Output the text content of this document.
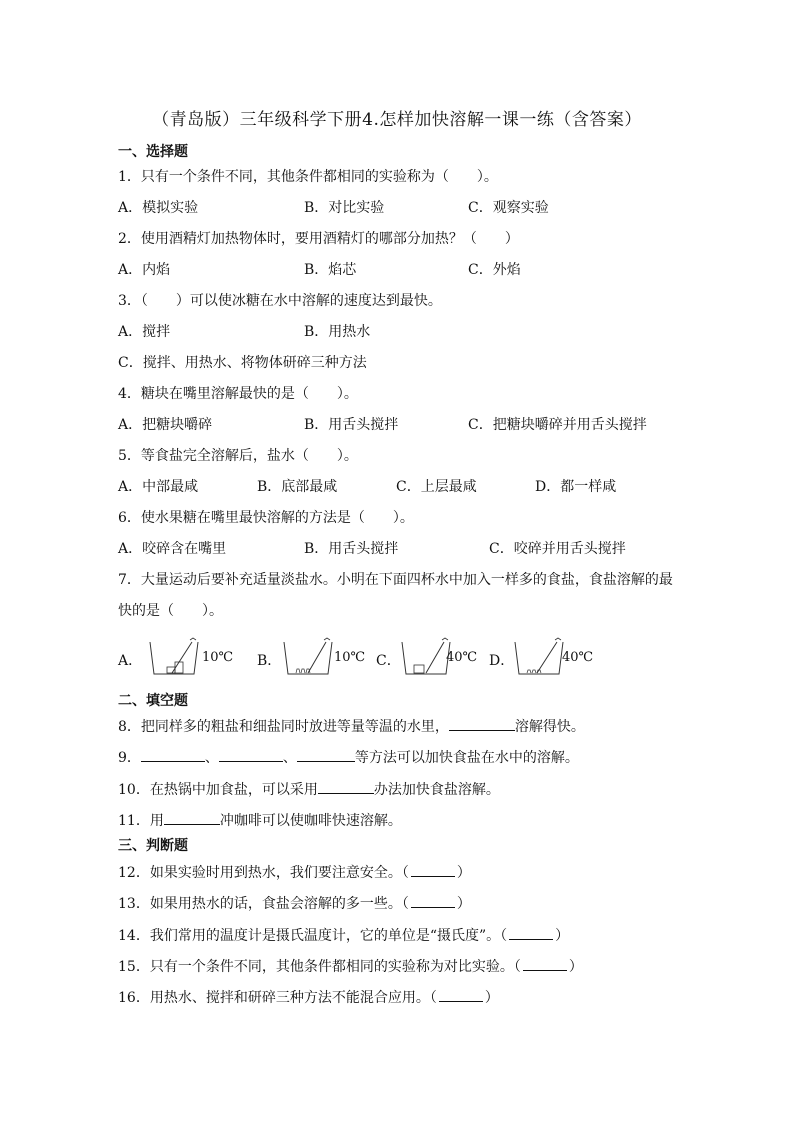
（青岛版）三年级科学下册4.怎样加快溶解一课一练（含答案）
一、选择题
1．只有一个条件不同，其他条件都相同的实验称为（　　）。
A．模拟实验	B．对比实验	C．观察实验
2．使用酒精灯加热物体时，要用酒精灯的哪部分加热？（　　）
A．内焰	B．焰芯	C．外焰
3．（　　）可以使冰糖在水中溶解的速度达到最快。
A．搅拌	B．用热水
C．搅拌、用热水、将物体研碎三种方法
4．糖块在嘴里溶解最快的是（　　）。
A．把糖块嚼碎	B．用舌头搅拌	C．把糖块嚼碎并用舌头搅拌
5．等食盐完全溶解后，盐水（　　）。
A．中部最咸	B．底部最咸	C．上层最咸	D．都一样咸
6．使水果糖在嘴里最快溶解的方法是（　　）。
A．咬碎含在嘴里	B．用舌头搅拌	C．咬碎并用舌头搅拌
7．大量运动后要补充适量淡盐水。小明在下面四杯水中加入一样多的食盐，食盐溶解的最
快的是（　　）。
A．	10℃ B．	10℃ C．	40℃ D．	40℃
二、填空题
8．把同样多的粗盐和细盐同时放进等量等温的水里，	溶解得快。
9．	、	、	等方法可以加快食盐在水中的溶解。
10．在热锅中加食盐，可以采用	办法加快食盐溶解。
11．用	冲咖啡可以使咖啡快速溶解。
三、判断题
12．如果实验时用到热水，我们要注意安全。（	）
13．如果用热水的话，食盐会溶解的多一些。（	）
14．我们常用的温度计是摄氏温度计，它的单位是“摄氏度”。（	）
15．只有一个条件不同，其他条件都相同的实验称为对比实验。（	）
16．用热水、搅拌和研碎三种方法不能混合应用。（	）
